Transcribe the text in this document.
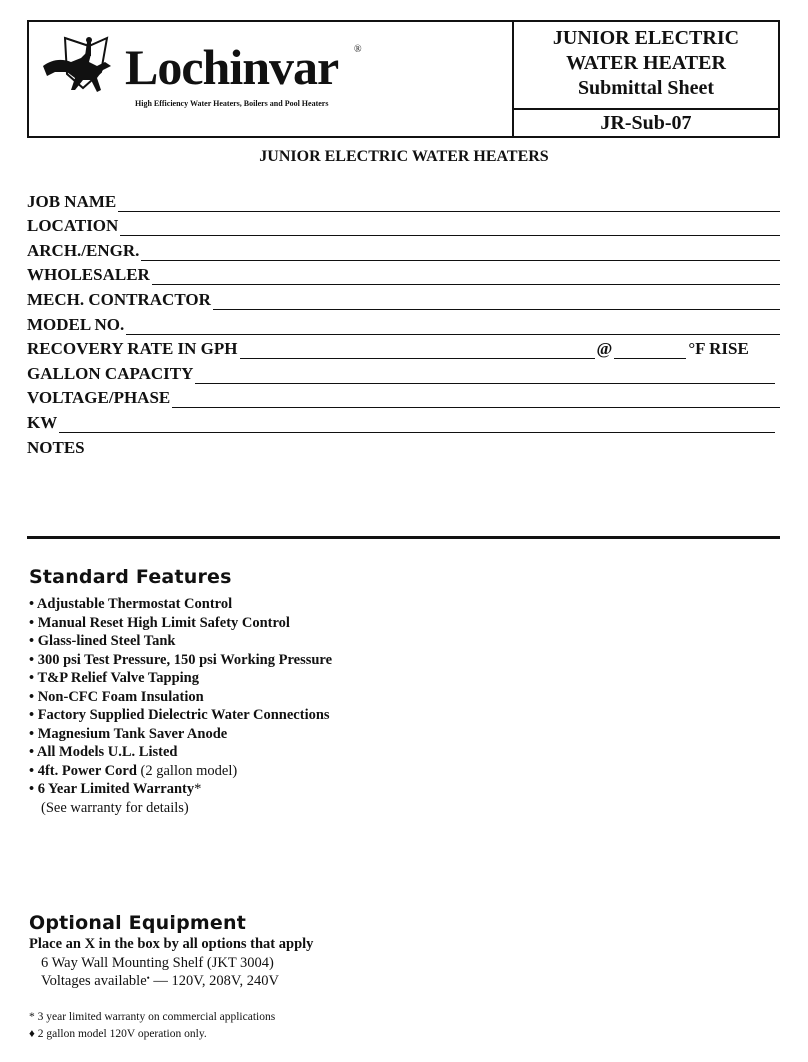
Lochinvar ®
High Efficiency Water Heaters, Boilers and Pool Heaters
JUNIOR ELECTRIC
WATER HEATER
Submittal Sheet
JR-Sub-07
JUNIOR ELECTRIC WATER HEATERS
JOB NAME
LOCATION
ARCH./ENGR.
WHOLESALER
MECH. CONTRACTOR
MODEL NO.
RECOVERY RATE IN GPH	@	°F RISE
GALLON CAPACITY
VOLTAGE/PHASE
KW
NOTES
Standard Features
• Adjustable Thermostat Control
• Manual Reset High Limit Safety Control
• Glass-lined Steel Tank
• 300 psi Test Pressure, 150 psi Working Pressure
• T&P Relief Valve Tapping
• Non-CFC Foam Insulation
• Factory Supplied Dielectric Water Connections
• Magnesium Tank Saver Anode
• All Models U.L. Listed
• 4ft. Power Cord (2 gallon model)
• 6 Year Limited Warranty*
(See warranty for details)
Optional Equipment
Place an X in the box by all options that apply
6 Way Wall Mounting Shelf (JKT 3004)
Voltages available• — 120V, 208V, 240V
* 3 year limited warranty on commercial applications
♦ 2 gallon model 120V operation only.
